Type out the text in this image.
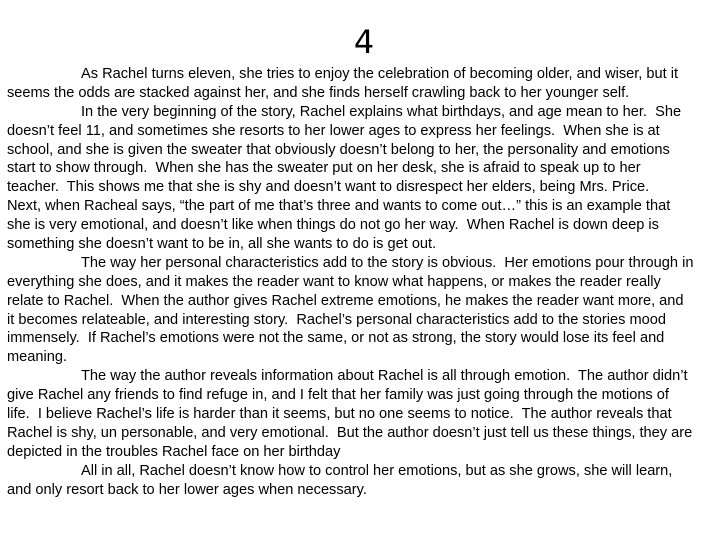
4
As Rachel turns eleven, she tries to enjoy the celebration of becoming older, and wiser, but it
seems the odds are stacked against her, and she finds herself crawling back to her younger self.
In the very beginning of the story, Rachel explains what birthdays, and age mean to her.  She
doesn’t feel 11, and sometimes she resorts to her lower ages to express her feelings.  When she is at
school, and she is given the sweater that obviously doesn’t belong to her, the personality and emotions
start to show through.  When she has the sweater put on her desk, she is afraid to speak up to her
teacher.  This shows me that she is shy and doesn’t want to disrespect her elders, being Mrs. Price.
Next, when Racheal says, “the part of me that’s three and wants to come out…” this is an example that
she is very emotional, and doesn’t like when things do not go her way.  When Rachel is down deep is
something she doesn’t want to be in, all she wants to do is get out.
The way her personal characteristics add to the story is obvious.  Her emotions pour through in
everything she does, and it makes the reader want to know what happens, or makes the reader really
relate to Rachel.  When the author gives Rachel extreme emotions, he makes the reader want more, and
it becomes relateable, and interesting story.  Rachel’s personal characteristics add to the stories mood
immensely.  If Rachel’s emotions were not the same, or not as strong, the story would lose its feel and
meaning.
The way the author reveals information about Rachel is all through emotion.  The author didn’t
give Rachel any friends to find refuge in, and I felt that her family was just going through the motions of
life.  I believe Rachel’s life is harder than it seems, but no one seems to notice.  The author reveals that
Rachel is shy, un personable, and very emotional.  But the author doesn’t just tell us these things, they are
depicted in the troubles Rachel face on her birthday
All in all, Rachel doesn’t know how to control her emotions, but as she grows, she will learn,
and only resort back to her lower ages when necessary.
